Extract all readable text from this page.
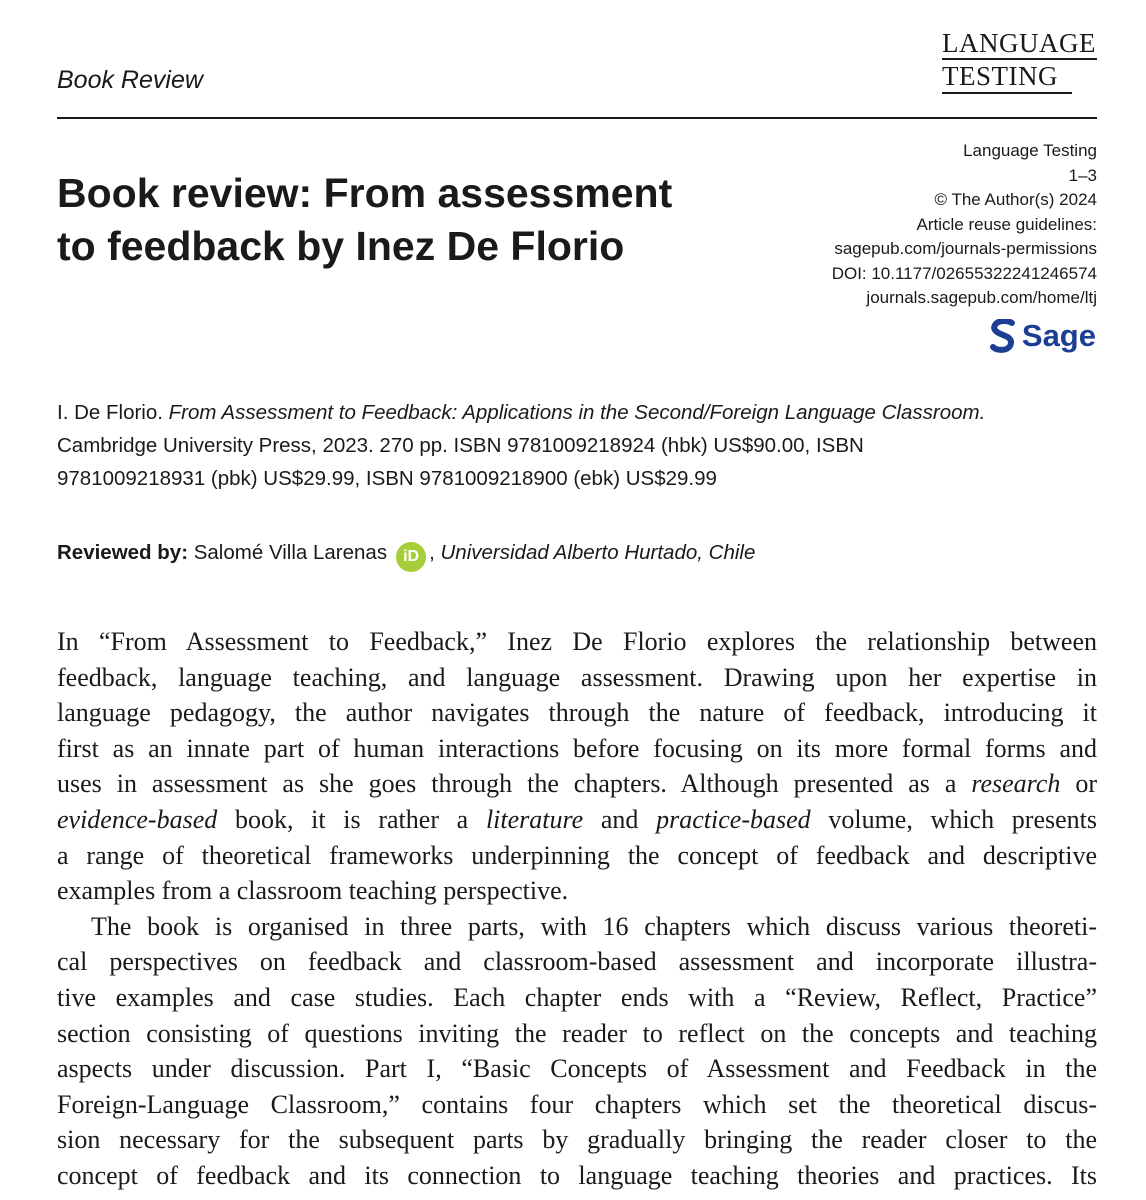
Book Review
LANGUAGE
TESTING
Book review: From assessment
to feedback by Inez De Florio
Language Testing
1–3
© The Author(s) 2024
Article reuse guidelines:
sagepub.com/journals-permissions
DOI: 10.1177/02655322241246574
journals.sagepub.com/home/ltj
Sage
I. De Florio. From Assessment to Feedback: Applications in the Second/Foreign Language Classroom.
Cambridge University Press, 2023. 270 pp. ISBN 9781009218924 (hbk) US$90.00, ISBN
9781009218931 (pbk) US$29.99, ISBN 9781009218900 (ebk) US$29.99
Reviewed by: Salomé Villa Larenas iD , Universidad Alberto Hurtado, Chile
In “From Assessment to Feedback,” Inez De Florio explores the relationship between
feedback, language teaching, and language assessment. Drawing upon her expertise in
language pedagogy, the author navigates through the nature of feedback, introducing it
first as an innate part of human interactions before focusing on its more formal forms and
uses in assessment as she goes through the chapters. Although presented as a research or
evidence-based book, it is rather a literature and practice-based volume, which presents
a range of theoretical frameworks underpinning the concept of feedback and descriptive
examples from a classroom teaching perspective.
The book is organised in three parts, with 16 chapters which discuss various theoreti-
cal perspectives on feedback and classroom-based assessment and incorporate illustra-
tive examples and case studies. Each chapter ends with a “Review, Reflect, Practice”
section consisting of questions inviting the reader to reflect on the concepts and teaching
aspects under discussion. Part I, “Basic Concepts of Assessment and Feedback in the
Foreign-Language Classroom,” contains four chapters which set the theoretical discus-
sion necessary for the subsequent parts by gradually bringing the reader closer to the
concept of feedback and its connection to language teaching theories and practices. Its
